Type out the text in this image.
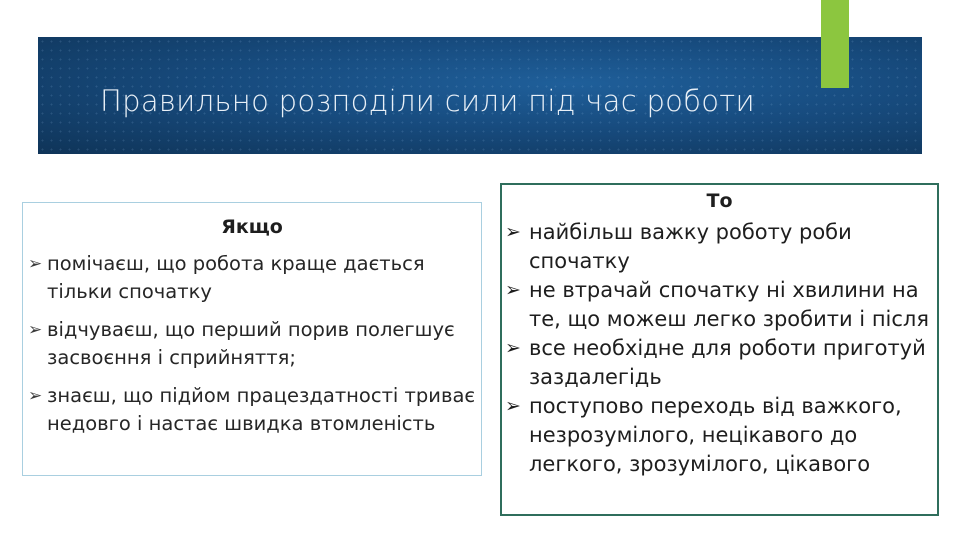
Правильно розподіли сили під час роботи
Якщо
➢ помічаєш, що робота краще дається тільки спочатку
➢ відчуваєш, що перший порив полегшує засвоєння і сприйняття;
➢ знаєш, що підйом працездатності триває недовго і настає швидка втомленість
То
➢ найбільш важку роботу роби спочатку
➢ не втрачай спочатку ні хвилини на те, що можеш легко зробити і після
➢ все необхідне для роботи приготуй заздалегідь
➢ поступово переходь від важкого, незрозумілого, нецікавого до легкого, зрозумілого, цікавого
